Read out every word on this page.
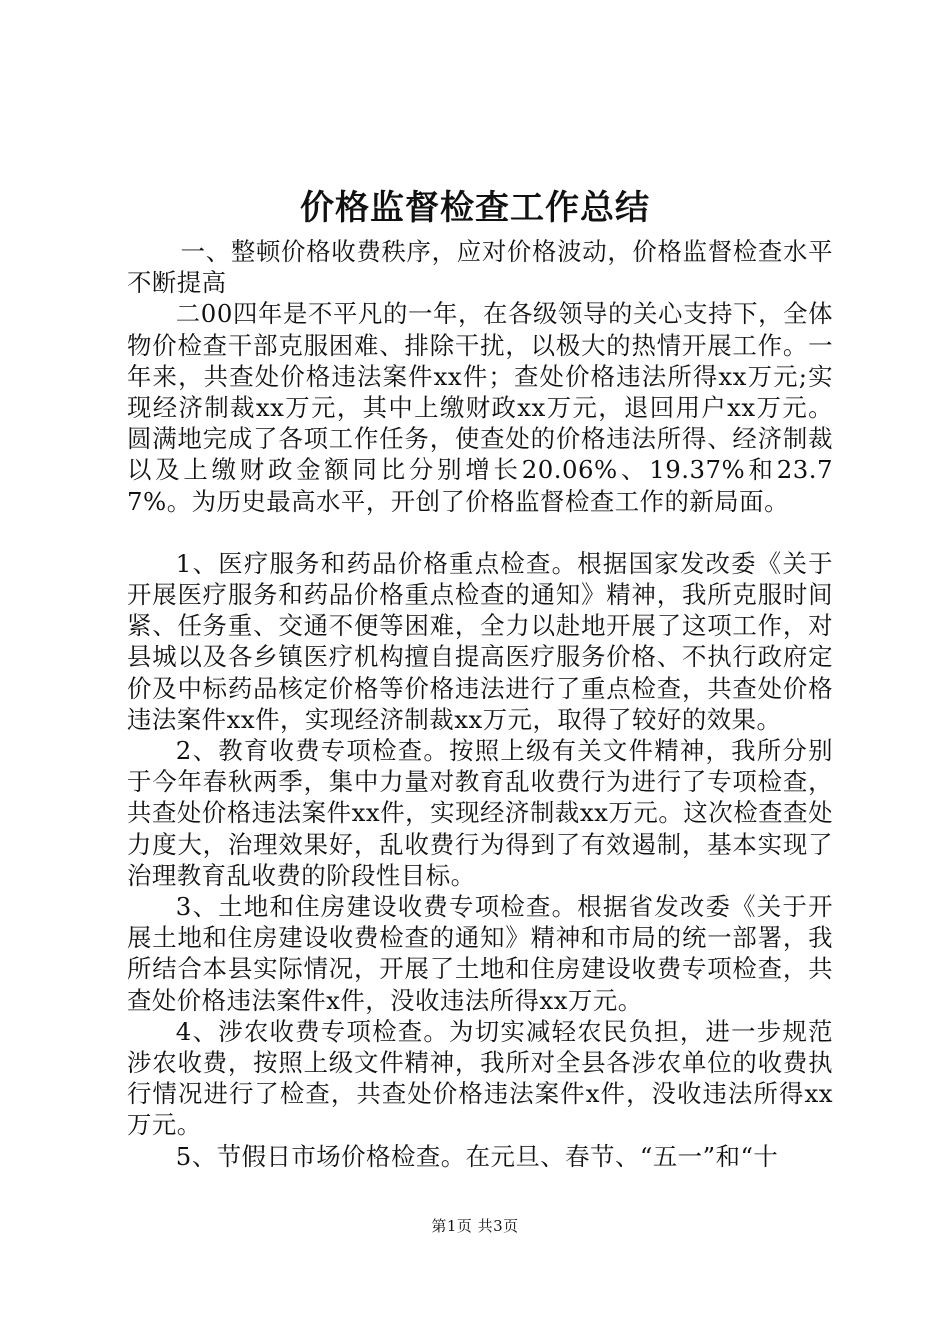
价格监督检查工作总结

一、整顿价格收费秩序，应对价格波动，价格监督检查水平不断提高

二00四年是不平凡的一年，在各级领导的关心支持下，全体物价检查干部克服困难、排除干扰，以极大的热情开展工作。一年来，共查处价格违法案件xx件；查处价格违法所得xx万元;实现经济制裁xx万元，其中上缴财政xx万元，退回用户xx万元。圆满地完成了各项工作任务，使查处的价格违法所得、经济制裁以及上缴财政金额同比分别增长20.06%、19.37%和23.77%。为历史最高水平，开创了价格监督检查工作的新局面。

1、医疗服务和药品价格重点检查。根据国家发改委《关于开展医疗服务和药品价格重点检查的通知》精神，我所克服时间紧、任务重、交通不便等困难，全力以赴地开展了这项工作，对县城以及各乡镇医疗机构擅自提高医疗服务价格、不执行政府定价及中标药品核定价格等价格违法进行了重点检查，共查处价格违法案件xx件，实现经济制裁xx万元，取得了较好的效果。

2、教育收费专项检查。按照上级有关文件精神，我所分别于今年春秋两季，集中力量对教育乱收费行为进行了专项检查，共查处价格违法案件xx件，实现经济制裁xx万元。这次检查查处力度大，治理效果好，乱收费行为得到了有效遏制，基本实现了治理教育乱收费的阶段性目标。

3、土地和住房建设收费专项检查。根据省发改委《关于开展土地和住房建设收费检查的通知》精神和市局的统一部署，我所结合本县实际情况，开展了土地和住房建设收费专项检查，共查处价格违法案件x件，没收违法所得xx万元。

4、涉农收费专项检查。为切实减轻农民负担，进一步规范涉农收费，按照上级文件精神，我所对全县各涉农单位的收费执行情况进行了检查，共查处价格违法案件x件，没收违法所得xx万元。

5、节假日市场价格检查。在元旦、春节、“五一”和“十

第1页 共3页
